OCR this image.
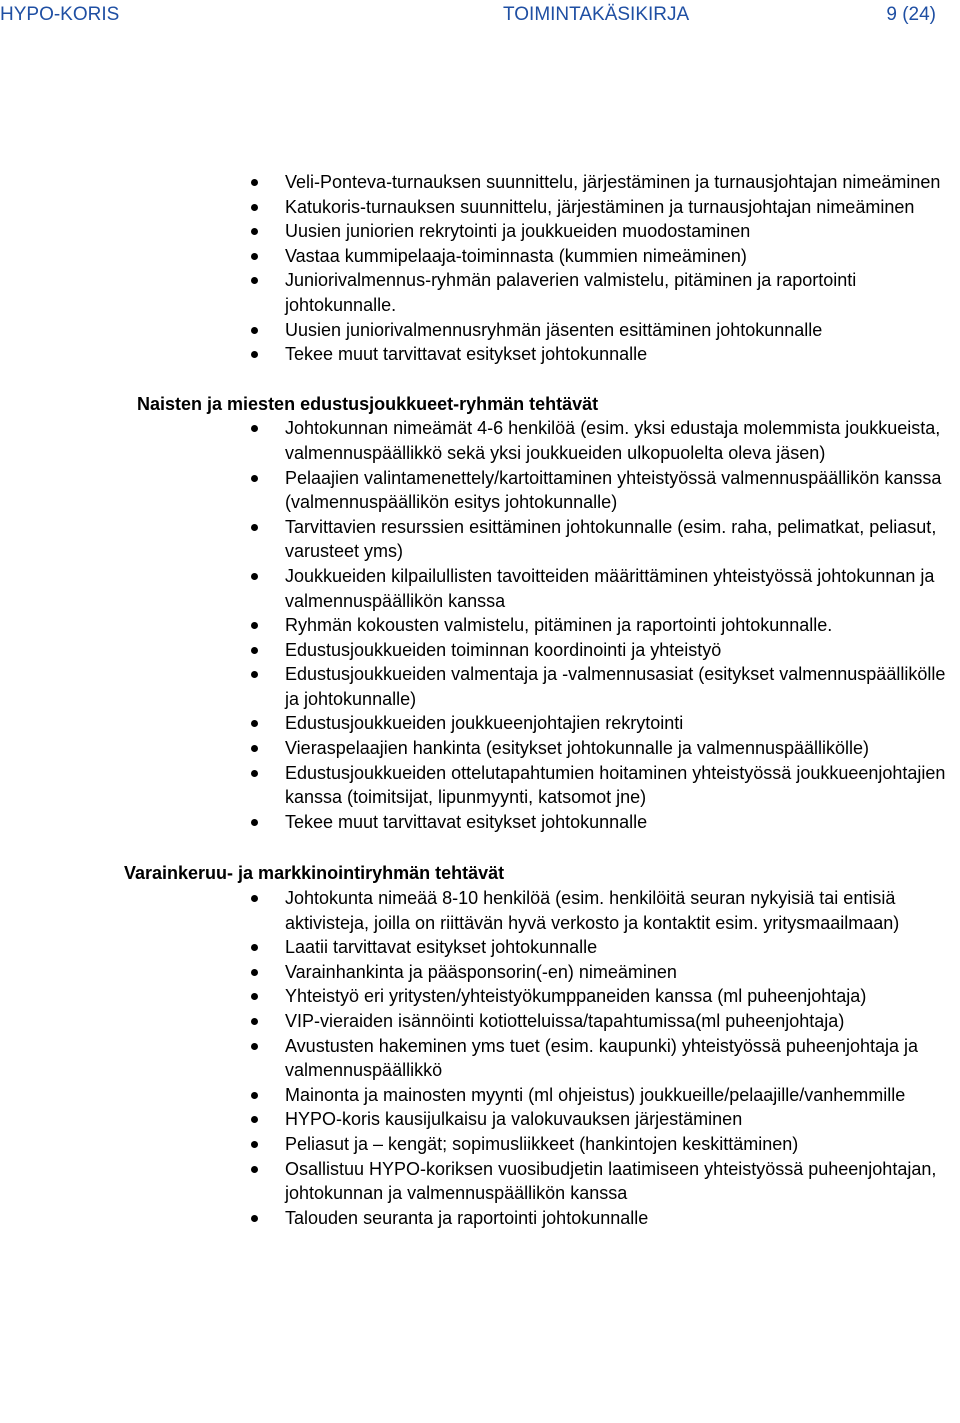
HYPO-KORIS	TOIMINTAKÄSIKIRJA	9 (24)
Veli-Ponteva-turnauksen suunnittelu, järjestäminen ja turnausjohtajan nimeäminen
Katukoris-turnauksen suunnittelu, järjestäminen ja turnausjohtajan nimeäminen
Uusien juniorien rekrytointi ja joukkueiden muodostaminen
Vastaa kummipelaaja-toiminnasta (kummien nimeäminen)
Juniorivalmennus-ryhmän palaverien valmistelu, pitäminen ja raportointi johtokunnalle.
Uusien juniorivalmennusryhmän jäsenten esittäminen johtokunnalle
Tekee muut tarvittavat esitykset johtokunnalle

Naisten ja miesten edustusjoukkueet-ryhmän tehtävät

Johtokunnan nimeämät 4-6 henkilöä (esim. yksi edustaja molemmista joukkueista, valmennuspäällikkö sekä yksi joukkueiden ulkopuolelta oleva jäsen)
Pelaajien valintamenettely/kartoittaminen yhteistyössä valmennuspäällikön kanssa (valmennuspäällikön esitys johtokunnalle)
Tarvittavien resurssien esittäminen johtokunnalle (esim. raha, pelimatkat, peliasut, varusteet yms)
Joukkueiden kilpailullisten tavoitteiden määrittäminen yhteistyössä johtokunnan ja valmennuspäällikön kanssa
Ryhmän kokousten valmistelu, pitäminen ja raportointi johtokunnalle.
Edustusjoukkueiden toiminnan koordinointi ja yhteistyö
Edustusjoukkueiden valmentaja ja -valmennusasiat (esitykset valmennuspäällikölle ja johtokunnalle)
Edustusjoukkueiden joukkueenjohtajien rekrytointi
Vieraspelaajien hankinta (esitykset johtokunnalle ja valmennuspäällikölle)
Edustusjoukkueiden ottelutapahtumien hoitaminen yhteistyössä joukkueenjohtajien kanssa (toimitsijat, lipunmyynti, katsomot jne)
Tekee muut tarvittavat esitykset johtokunnalle

Varainkeruu- ja markkinointiryhmän tehtävät

Johtokunta nimeää 8-10 henkilöä (esim. henkilöitä seuran nykyisiä tai entisiä aktivisteja, joilla on riittävän hyvä verkosto ja kontaktit esim. yritysmaailmaan)
Laatii tarvittavat esitykset johtokunnalle
Varainhankinta ja pääsponsorin(-en) nimeäminen
Yhteistyö eri yritysten/yhteistyökumppaneiden kanssa (ml puheenjohtaja)
VIP-vieraiden isännöinti kotiotteluissa/tapahtumissa(ml puheenjohtaja)
Avustusten hakeminen yms tuet (esim. kaupunki) yhteistyössä puheenjohtaja ja valmennuspäällikkö
Mainonta ja mainosten myynti (ml ohjeistus) joukkueille/pelaajille/vanhemmille
HYPO-koris kausijulkaisu ja valokuvauksen järjestäminen
Peliasut ja – kengät; sopimusliikkeet (hankintojen keskittäminen)
Osallistuu HYPO-koriksen vuosibudjetin laatimiseen yhteistyössä puheenjohtajan, johtokunnan ja valmennuspäällikön kanssa
Talouden seuranta ja raportointi johtokunnalle
